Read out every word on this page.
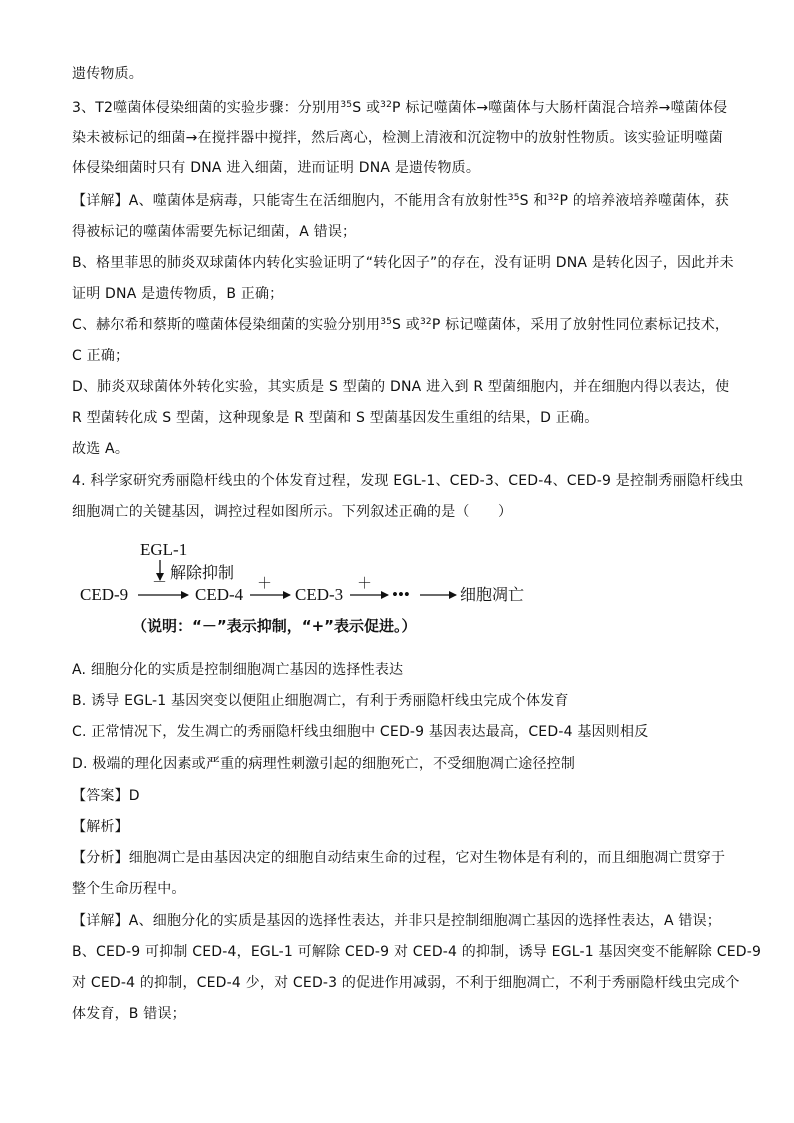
遗传物质。
3、T2噬菌体侵染细菌的实验步骤：分别用$^{35}$S 或$^{32}$P 标记噬菌体→噬菌体与大肠杆菌混合培养→噬菌体侵
染未被标记的细菌→在搅拌器中搅拌，然后离心，检测上清液和沉淀物中的放射性物质。该实验证明噬菌
体侵染细菌时只有 DNA 进入细菌，进而证明 DNA 是遗传物质。
【详解】A、噬菌体是病毒，只能寄生在活细胞内，不能用含有放射性$^{35}$S 和$^{32}$P 的培养液培养噬菌体，获
得被标记的噬菌体需要先标记细菌，A 错误；
B、格里菲思的肺炎双球菌体内转化实验证明了“转化因子”的存在，没有证明 DNA 是转化因子，因此并未
证明 DNA 是遗传物质，B 正确；
C、赫尔希和蔡斯的噬菌体侵染细菌的实验分别用$^{35}$S 或$^{32}$P 标记噬菌体，采用了放射性同位素标记技术，
C 正确；
D、肺炎双球菌体外转化实验，其实质是 S 型菌的 DNA 进入到 R 型菌细胞内，并在细胞内得以表达，使
R 型菌转化成 S 型菌，这种现象是 R 型菌和 S 型菌基因发生重组的结果，D 正确。
故选 A。
4. 科学家研究秀丽隐杆线虫的个体发育过程，发现 EGL-1、CED-3、CED-4、CED-9 是控制秀丽隐杆线虫
细胞凋亡的关键基因，调控过程如图所示。下列叙述正确的是（　　）
EGL-1
解除抑制
CED-9
－
CED-4
＋
CED-3
＋
•••	细胞凋亡
（说明：“－”表示抑制，“+”表示促进。）
A. 细胞分化的实质是控制细胞凋亡基因的选择性表达
B. 诱导 EGL-1 基因突变以便阻止细胞凋亡，有利于秀丽隐杆线虫完成个体发育
C. 正常情况下，发生凋亡的秀丽隐杆线虫细胞中 CED-9 基因表达最高，CED-4 基因则相反
D. 极端的理化因素或严重的病理性刺激引起的细胞死亡，不受细胞凋亡途径控制
【答案】D
【解析】
【分析】细胞凋亡是由基因决定的细胞自动结束生命的过程，它对生物体是有利的，而且细胞凋亡贯穿于
整个生命历程中。
【详解】A、细胞分化的实质是基因的选择性表达，并非只是控制细胞凋亡基因的选择性表达，A 错误；
B、CED-9 可抑制 CED-4，EGL-1 可解除 CED-9 对 CED-4 的抑制，诱导 EGL-1 基因突变不能解除 CED-9
对 CED-4 的抑制，CED-4 少，对 CED-3 的促进作用减弱，不利于细胞凋亡，不利于秀丽隐杆线虫完成个
体发育，B 错误；
